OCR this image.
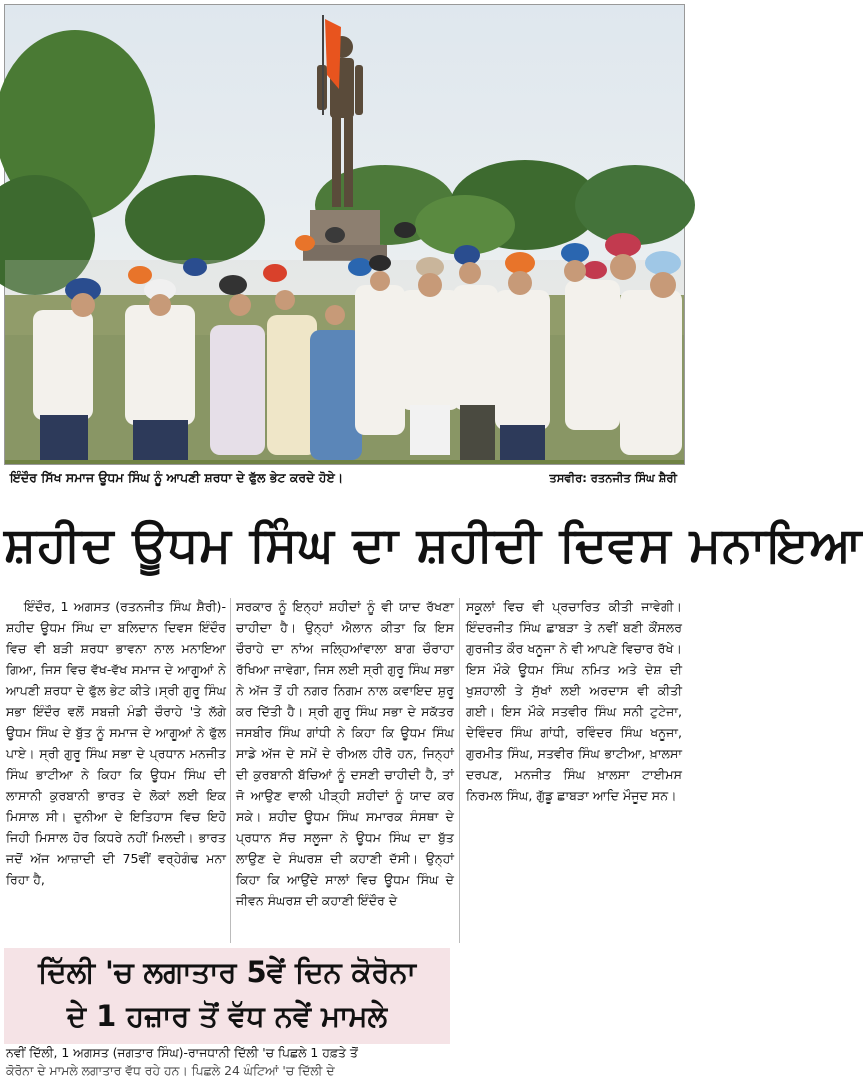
ਇੰਦੌਰ ਸਿੱਖ ਸਮਾਜ ਊਧਮ ਸਿੰਘ ਨੂੰ ਆਪਣੀ ਸ਼ਰਧਾ ਦੇ ਫੁੱਲ ਭੇਟ ਕਰਦੇ ਹੋਏ।	ਤਸਵੀਰ: ਰਤਨਜੀਤ ਸਿੰਘ ਸ਼ੈਰੀ
ਸ਼ਹੀਦ ਊਧਮ ਸਿੰਘ ਦਾ ਸ਼ਹੀਦੀ ਦਿਵਸ ਮਨਾਇਆ

ਇੰਦੌਰ, 1 ਅਗਸਤ (ਰਤਨਜੀਤ ਸਿੰਘ ਸ਼ੈਰੀ)-ਸ਼ਹੀਦ ਊਧਮ ਸਿੰਘ ਦਾ ਬਲਿਦਾਨ ਦਿਵਸ ਇੰਦੌਰ ਵਿਚ ਵੀ ਬੜੀ ਸ਼ਰਧਾ ਭਾਵਨਾ ਨਾਲ ਮਨਾਇਆ ਗਿਆ, ਜਿਸ ਵਿਚ ਵੱਖ-ਵੱਖ ਸਮਾਜ ਦੇ ਆਗੂਆਂ ਨੇ ਆਪਣੀ ਸ਼ਰਧਾ ਦੇ ਫੁੱਲ ਭੇਟ ਕੀਤੇ।ਸ੍ਰੀ ਗੁਰੂ ਸਿੰਘ ਸਭਾ ਇੰਦੌਰ ਵਲੋਂ ਸਬਜ਼ੀ ਮੰਡੀ ਚੌਰਾਹੇ 'ਤੇ ਲੱਗੇ ਊਧਮ ਸਿੰਘ ਦੇ ਬੁੱਤ ਨੂੰ ਸਮਾਜ ਦੇ ਆਗੂਆਂ ਨੇ ਫੁੱਲ ਪਾਏ। ਸ੍ਰੀ ਗੁਰੂ ਸਿੰਘ ਸਭਾ ਦੇ ਪ੍ਰਧਾਨ ਮਨਜੀਤ ਸਿੰਘ ਭਾਟੀਆ ਨੇ ਕਿਹਾ ਕਿ ਊਧਮ ਸਿੰਘ ਦੀ ਲਾਸਾਨੀ ਕੁਰਬਾਨੀ ਭਾਰਤ ਦੇ ਲੋਕਾਂ ਲਈ ਇਕ ਮਿਸਾਲ ਸੀ। ਦੁਨੀਆ ਦੇ ਇਤਿਹਾਸ ਵਿਚ ਇਹੋ ਜਿਹੀ ਮਿਸਾਲ ਹੋਰ ਕਿਧਰੇ ਨਹੀਂ ਮਿਲਦੀ। ਭਾਰਤ ਜਦੋਂ ਅੱਜ ਆਜ਼ਾਦੀ ਦੀ 75ਵੀਂ ਵਰ੍ਹੇਗੰਢ ਮਨਾ ਰਿਹਾ ਹੈ,

ਸਰਕਾਰ ਨੂੰ ਇਨ੍ਹਾਂ ਸ਼ਹੀਦਾਂ ਨੂੰ ਵੀ ਯਾਦ ਰੱਖਣਾ ਚਾਹੀਦਾ ਹੈ। ਉਨ੍ਹਾਂ ਐਲਾਨ ਕੀਤਾ ਕਿ ਇਸ ਚੌਰਾਹੇ ਦਾ ਨਾਂਅ ਜਲ੍ਹਿਆਂਵਾਲਾ ਬਾਗ ਚੌਰਾਹਾ ਰੱਖਿਆ ਜਾਵੇਗਾ, ਜਿਸ ਲਈ ਸ੍ਰੀ ਗੁਰੂ ਸਿੰਘ ਸਭਾ ਨੇ ਅੱਜ ਤੋਂ ਹੀ ਨਗਰ ਨਿਗਮ ਨਾਲ ਕਵਾਇਦ ਸ਼ੁਰੂ ਕਰ ਦਿੱਤੀ ਹੈ। ਸ੍ਰੀ ਗੁਰੂ ਸਿੰਘ ਸਭਾ ਦੇ ਸਕੱਤਰ ਜਸਬੀਰ ਸਿੰਘ ਗਾਂਧੀ ਨੇ ਕਿਹਾ ਕਿ ਊਧਮ ਸਿੰਘ ਸਾਡੇ ਅੱਜ ਦੇ ਸਮੇਂ ਦੇ ਰੀਅਲ ਹੀਰੋ ਹਨ, ਜਿਨ੍ਹਾਂ ਦੀ ਕੁਰਬਾਨੀ ਬੱਚਿਆਂ ਨੂੰ ਦਸਣੀ ਚਾਹੀਦੀ ਹੈ, ਤਾਂ ਜੋ ਆਉਣ ਵਾਲੀ ਪੀੜ੍ਹੀ ਸ਼ਹੀਦਾਂ ਨੂੰ ਯਾਦ ਕਰ ਸਕੇ। ਸ਼ਹੀਦ ਊਧਮ ਸਿੰਘ ਸਮਾਰਕ ਸੰਸਥਾ ਦੇ ਪ੍ਰਧਾਨ ਸੱਚ ਸਲੂਜਾ ਨੇ ਊਧਮ ਸਿੰਘ ਦਾ ਬੁੱਤ ਲਾਉਣ ਦੇ ਸੰਘਰਸ਼ ਦੀ ਕਹਾਣੀ ਦੱਸੀ। ਉਨ੍ਹਾਂ ਕਿਹਾ ਕਿ ਆਉਂਦੇ ਸਾਲਾਂ ਵਿਚ ਊਧਮ ਸਿੰਘ ਦੇ ਜੀਵਨ ਸੰਘਰਸ਼ ਦੀ ਕਹਾਣੀ ਇੰਦੌਰ ਦੇ

ਸਕੂਲਾਂ ਵਿਚ ਵੀ ਪ੍ਰਚਾਰਿਤ ਕੀਤੀ ਜਾਵੇਗੀ। ਇੰਦਰਜੀਤ ਸਿੰਘ ਛਾਬੜਾ ਤੇ ਨਵੀਂ ਬਣੀ ਕੌਂਸਲਰ ਗੁਰਜੀਤ ਕੌਰ ਖਨੂਜਾ ਨੇ ਵੀ ਆਪਣੇ ਵਿਚਾਰ ਰੱਖੇ। ਇਸ ਮੌਕੇ ਊਧਮ ਸਿੰਘ ਨਮਿਤ ਅਤੇ ਦੇਸ਼ ਦੀ ਖੁਸ਼ਹਾਲੀ ਤੇ ਸੁੱਖਾਂ ਲਈ ਅਰਦਾਸ ਵੀ ਕੀਤੀ ਗਈ। ਇਸ ਮੌਕੇ ਸਤਵੀਰ ਸਿੰਘ ਸਨੀ ਟੁਟੇਜਾ, ਦੇਵਿੰਦਰ ਸਿੰਘ ਗਾਂਧੀ, ਰਵਿੰਦਰ ਸਿੰਘ ਖਨੂਜਾ, ਗੁਰਮੀਤ ਸਿੰਘ, ਸਤਵੀਰ ਸਿੰਘ ਭਾਟੀਆ, ਖ਼ਾਲਸਾ ਦਰਪਣ, ਮਨਜੀਤ ਸਿੰਘ ਖ਼ਾਲਸਾ ਟਾਈਮਸ ਨਿਰਮਲ ਸਿੰਘ, ਗੁੱਡੂ ਛਾਬੜਾ ਆਦਿ ਮੌਜੂਦ ਸਨ।

ਦਿੱਲੀ 'ਚ ਲਗਾਤਾਰ 5ਵੇਂ ਦਿਨ ਕੋਰੋਨਾ
ਦੇ 1 ਹਜ਼ਾਰ ਤੋਂ ਵੱਧ ਨਵੇਂ ਮਾਮਲੇ
ਨਵੀਂ ਦਿੱਲੀ, 1 ਅਗਸਤ (ਜਗਤਾਰ ਸਿੰਘ)-ਰਾਜਧਾਨੀ ਦਿੱਲੀ 'ਚ ਪਿਛਲੇ 1 ਹਫ਼ਤੇ ਤੋਂ
ਕੋਰੋਨਾ ਦੇ ਮਾਮਲੇ ਲਗਾਤਾਰ ਵੱਧ ਰਹੇ ਹਨ। ਪਿਛਲੇ 24 ਘੰਟਿਆਂ 'ਚ ਦਿੱਲੀ ਦੇ
